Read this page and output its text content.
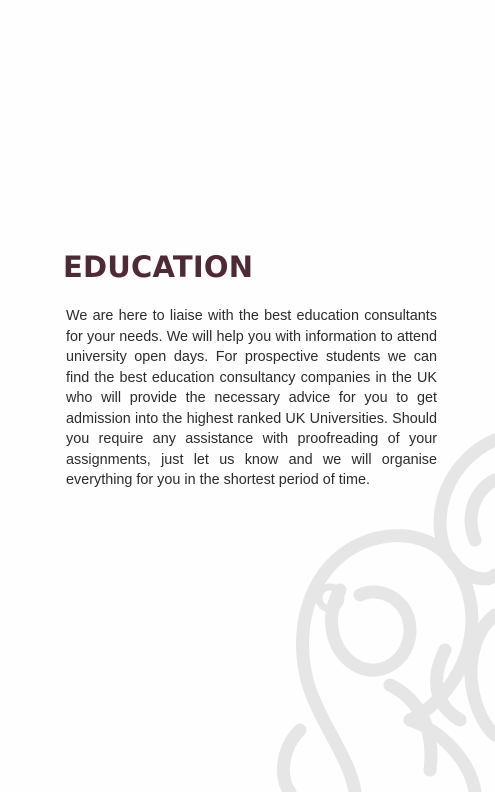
EDUCATION

We are here to liaise with the best education consultants for your needs. We will help you with information to attend university open days. For prospective students we can find the best education consultancy companies in the UK who will provide the necessary advice for you to get admission into the highest ranked UK Universities. Should you require any assistance with proofreading of your assignments, just let us know and we will organise everything for you in the shortest period of time.
